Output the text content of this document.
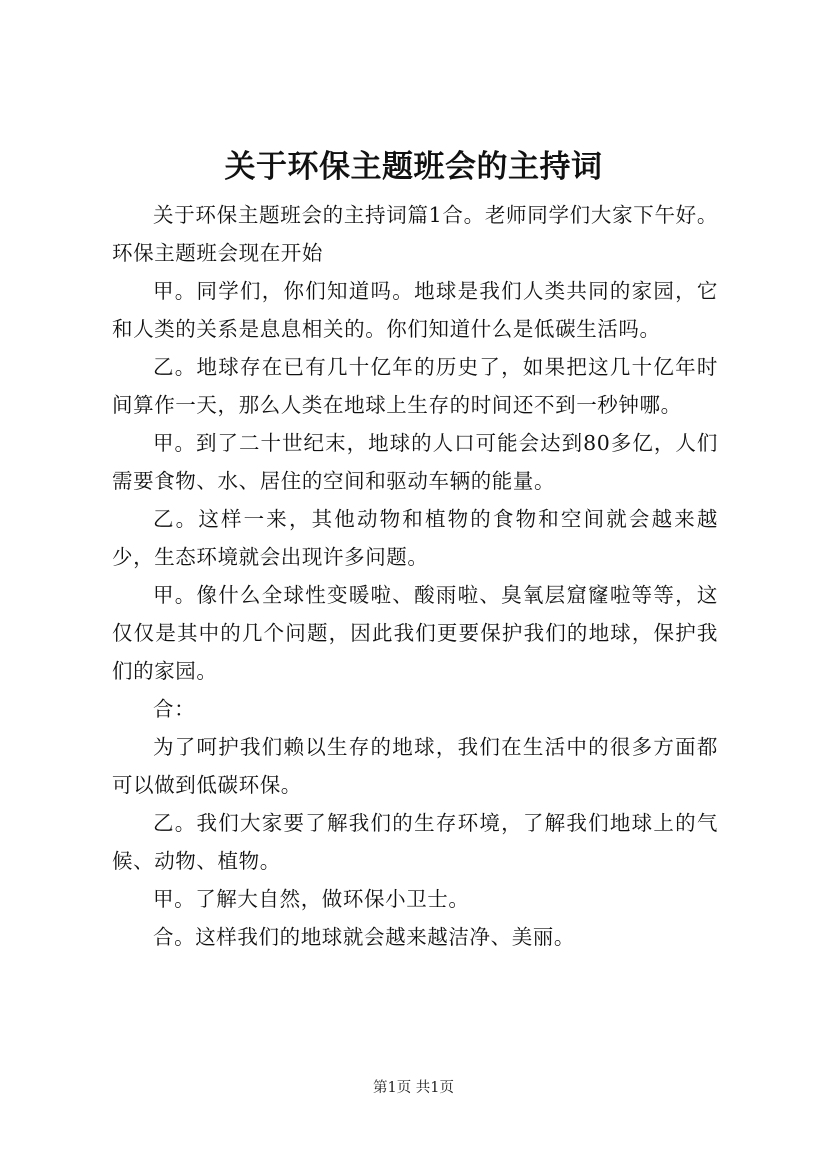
关于环保主题班会的主持词

关于环保主题班会的主持词篇1合。老师同学们大家下午好。环保主题班会现在开始

甲。同学们，你们知道吗。地球是我们人类共同的家园，它和人类的关系是息息相关的。你们知道什么是低碳生活吗。

乙。地球存在已有几十亿年的历史了，如果把这几十亿年时间算作一天，那么人类在地球上生存的时间还不到一秒钟哪。

甲。到了二十世纪末，地球的人口可能会达到80多亿，人们需要食物、水、居住的空间和驱动车辆的能量。

乙。这样一来，其他动物和植物的食物和空间就会越来越少，生态环境就会出现许多问题。

甲。像什么全球性变暖啦、酸雨啦、臭氧层窟窿啦等等，这仅仅是其中的几个问题，因此我们更要保护我们的地球，保护我们的家园。

合：

为了呵护我们赖以生存的地球，我们在生活中的很多方面都可以做到低碳环保。

乙。我们大家要了解我们的生存环境，了解我们地球上的气候、动物、植物。

甲。了解大自然，做环保小卫士。

合。这样我们的地球就会越来越洁净、美丽。

第1页 共1页
